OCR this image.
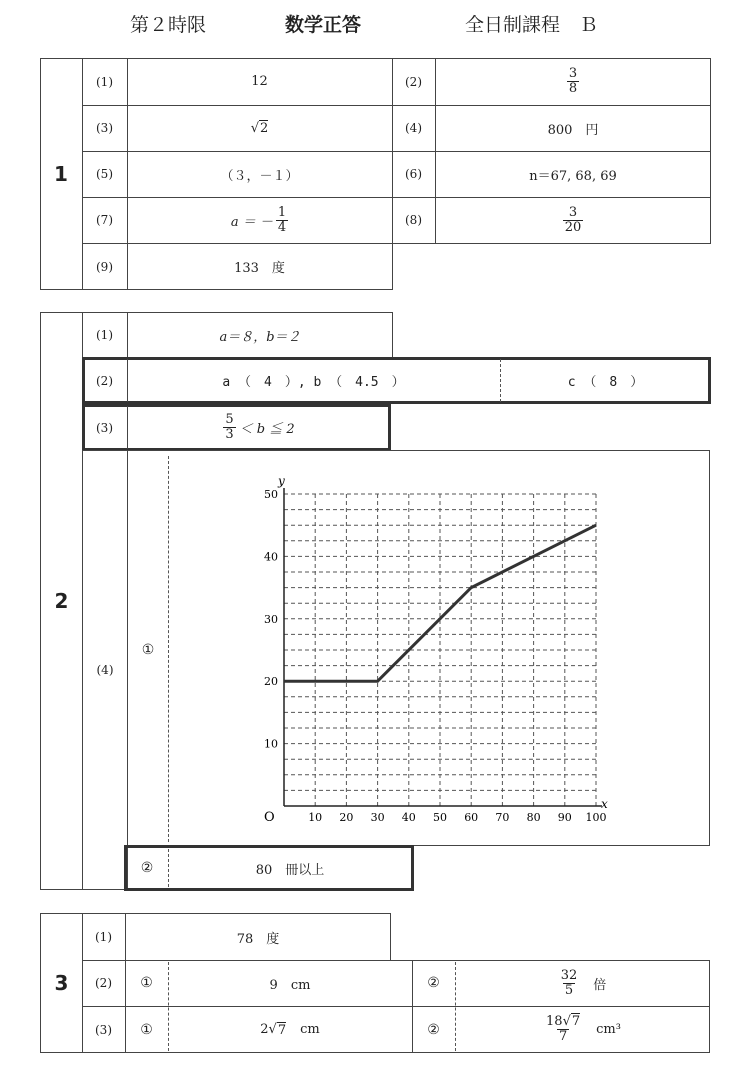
第２時限	数学正答	全日制課程　Ｂ
1
(1)	12	(2)	$\frac{3}{8}$
(3)	√ 2	(4)	800　円
(5)	（３，－１）	(6)	n＝67, 68, 69
(7)	a ＝ － $\frac{1}{4}$	(8)	$\frac{3}{20}$
(9)	133　度
2
(1)	a＝８，b＝２
(2)	a （　4　）, b （　4.5　）	c （　8　）
(3)	$\frac{5}{3} < b$ ≦ 2
(4)
①
②	80　冊以上
10 20 30 40 50 60 70 80 90 100
10
20
30
40
50
O
x
y
3
(1)	78　度
(2)	①	9　cm	②	$\frac{32}{5}$ 倍
(3)	①	2 √ 7 cm	②	$\frac{18√7}{7} cm^3$
